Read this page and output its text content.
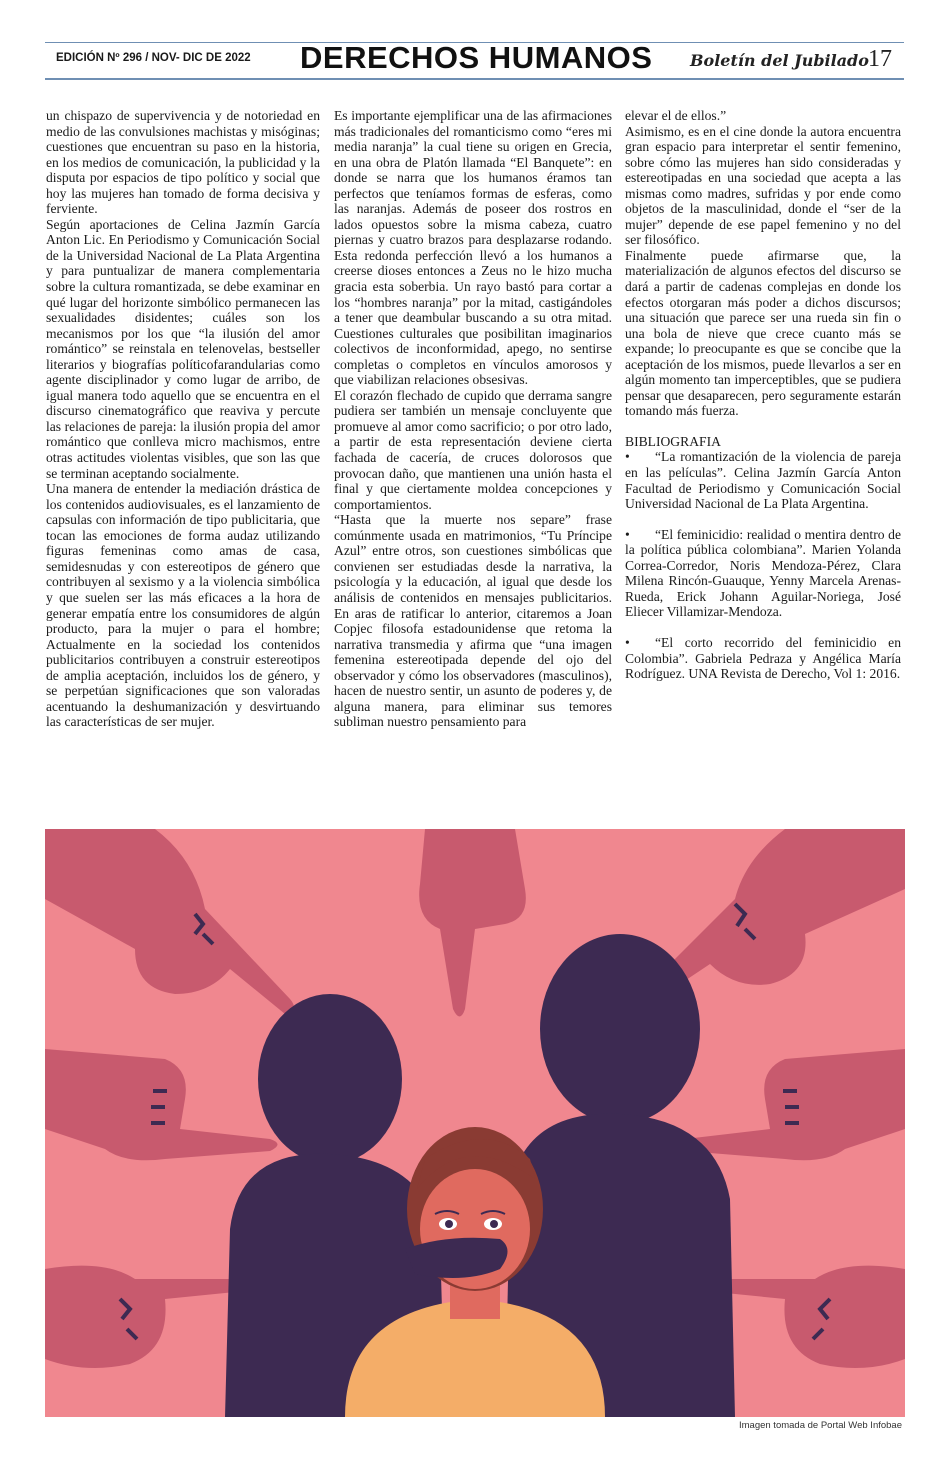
EDICIÓN Nº 296 / NOV- DIC DE 2022 DERECHOS HUMANOS Boletín del Jubilado 17

un chispazo de supervivencia y de notoriedad en medio de las convulsiones machistas y misóginas; cuestiones que encuentran su paso en la historia, en los medios de comunicación, la publicidad y la disputa por espacios de tipo político y social que hoy las mujeres han tomado de forma decisiva y ferviente.

Según aportaciones de Celina Jazmín García Anton Lic. En Periodismo y Comunicación Social de la Universidad Nacional de La Plata Argentina y para puntualizar de manera complementaria sobre la cultura romantizada, se debe examinar en qué lugar del horizonte simbólico permanecen las sexualidades disidentes; cuáles son los mecanismos por los que “la ilusión del amor romántico” se reinstala en telenovelas, bestseller literarios y biografías políticofarandularias como agente disciplinador y como lugar de arribo, de igual manera todo aquello que se encuentra en el discurso cinematográfico que reaviva y percute las relaciones de pareja: la ilusión propia del amor romántico que conlleva micro machismos, entre otras actitudes violentas visibles, que son las que se terminan aceptando socialmente.

Una manera de entender la mediación drástica de los contenidos audiovisuales, es el lanzamiento de capsulas con información de tipo publicitaria, que tocan las emociones de forma audaz utilizando figuras femeninas como amas de casa, semidesnudas y con estereotipos de género que contribuyen al sexismo y a la violencia simbólica y que suelen ser las más eficaces a la hora de generar empatía entre los consumidores de algún producto, para la mujer o para el hombre; Actualmente en la sociedad los contenidos publicitarios contribuyen a construir estereotipos de amplia aceptación, incluidos los de género, y se perpetúan significaciones que son valoradas acentuando la deshumanización y desvirtuando las características de ser mujer.

Es importante ejemplificar una de las afirmaciones más tradicionales del romanticismo como “eres mi media naranja” la cual tiene su origen en Grecia, en una obra de Platón llamada “El Banquete”: en donde se narra que los humanos éramos tan perfectos que teníamos formas de esferas, como las naranjas. Además de poseer dos rostros en lados opuestos sobre la misma cabeza, cuatro piernas y cuatro brazos para desplazarse rodando. Esta redonda perfección llevó a los humanos a creerse dioses entonces a Zeus no le hizo mucha gracia esta soberbia. Un rayo bastó para cortar a los “hombres naranja” por la mitad, castigándoles a tener que deambular buscando a su otra mitad. Cuestiones culturales que posibilitan imaginarios colectivos de inconformidad, apego, no sentirse completas o completos en vínculos amorosos y que viabilizan relaciones obsesivas.

El corazón flechado de cupido que derrama sangre pudiera ser también un mensaje concluyente que promueve al amor como sacrificio; o por otro lado, a partir de esta representación deviene cierta fachada de cacería, de cruces dolorosos que provocan daño, que mantienen una unión hasta el final y que ciertamente moldea concepciones y comportamientos.

“Hasta que la muerte nos separe” frase comúnmente usada en matrimonios, “Tu Príncipe Azul” entre otros, son cuestiones simbólicas que convienen ser estudiadas desde la narrativa, la psicología y la educación, al igual que desde los análisis de contenidos en mensajes publicitarios. En aras de ratificar lo anterior, citaremos a Joan Copjec filosofa estadounidense que retoma la narrativa transmedia y afirma que “una imagen femenina estereotipada depende del ojo del observador y cómo los observadores (masculinos), hacen de nuestro sentir, un asunto de poderes y, de alguna manera, para eliminar sus temores subliman nuestro pensamiento para

elevar el de ellos.”

Asimismo, es en el cine donde la autora encuentra gran espacio para interpretar el sentir femenino, sobre cómo las mujeres han sido consideradas y estereotipadas en una sociedad que acepta a las mismas como madres, sufridas y por ende como objetos de la masculinidad, donde el “ser de la mujer” depende de ese papel femenino y no del ser filosófico.

Finalmente puede afirmarse que, la materialización de algunos efectos del discurso se dará a partir de cadenas complejas en donde los efectos otorgaran más poder a dichos discursos; una situación que parece ser una rueda sin fin o una bola de nieve que crece cuanto más se expande; lo preocupante es que se concibe que la aceptación de los mismos, puede llevarlos a ser en algún momento tan imperceptibles, que se pudiera pensar que desaparecen, pero seguramente estarán tomando más fuerza.

BIBLIOGRAFIA

• “La romantización de la violencia de pareja en las películas”. Celina Jazmín García Anton Facultad de Periodismo y Comunicación Social Universidad Nacional de La Plata Argentina.

• “El feminicidio: realidad o mentira dentro de la política pública colombiana”. Marien Yolanda Correa-Corredor, Noris Mendoza-Pérez, Clara Milena Rincón-Guauque, Yenny Marcela Arenas-Rueda, Erick Johann Aguilar-Noriega, José Eliecer Villamizar-Mendoza.

• “El corto recorrido del feminicidio en Colombia”. Gabriela Pedraza y Angélica María Rodríguez. UNA Revista de Derecho, Vol 1: 2016.

Imagen tomada de Portal Web Infobae
